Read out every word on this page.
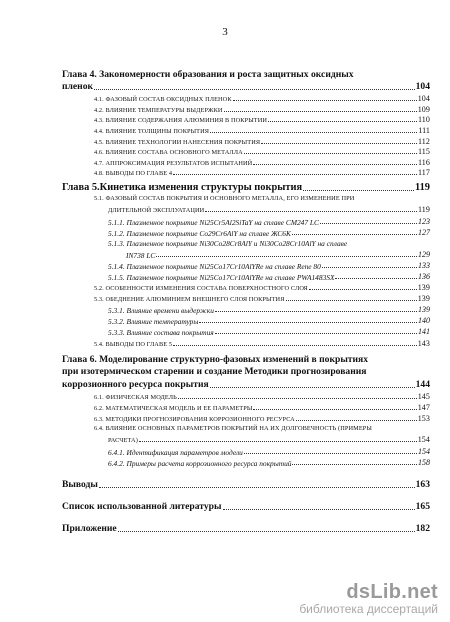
3
Глава 4. Закономерности образования и роста защитных оксидных
пленок	104
4.1. ФАЗОВЫЙ СОСТАВ ОКСИДНЫХ ПЛЕНОК	104
4.2. ВЛИЯНИЕ ТЕМПЕРАТУРЫ ВЫДЕРЖКИ	109
4.3. ВЛИЯНИЕ СОДЕРЖАНИЯ АЛЮМИНИЯ В ПОКРЫТИИ	110
4.4. ВЛИЯНИЕ ТОЛЩИНЫ ПОКРЫТИЯ	111
4.5. ВЛИЯНИЕ ТЕХНОЛОГИИ НАНЕСЕНИЯ ПОКРЫТИЯ	112
4.6. ВЛИЯНИЕ СОСТАВА ОСНОВНОГО МЕТАЛЛА	115
4.7. АППРОКСИМАЦИЯ РЕЗУЛЬТАТОВ ИСПЫТАНИЙ	116
4.8. ВЫВОДЫ ПО ГЛАВЕ 4	117
Глава 5.Кинетика изменения структуры покрытия	119
5.1. ФАЗОВЫЙ СОСТАВ ПОКРЫТИЯ И ОСНОВНОГО МЕТАЛЛА, ЕГО ИЗМЕНЕНИЕ ПРИ
ДЛИТЕЛЬНОЙ ЭКСПЛУАТАЦИИ	119
5.1.1. Плазменное покрытие Ni25Cr5Al2SiTaY на сплаве CM247 LC	123
5.1.2. Плазменное покрытие Co29Cr6AlY на сплаве ЖС6К	127
5.1.3. Плазменное покрытие Ni30Co28Cr8AlY и Ni30Co28Cr10AlY на сплаве
IN738 LC	129
5.1.4. Плазменное покрытие Ni25Co17Cr10AlYRe на сплаве Rene 80	133
5.1.5. Плазменное покрытие Ni25Co17Cr10AlYRe на сплаве PWA1483SX	136
5.2. ОСОБЕННОСТИ ИЗМЕНЕНИЯ СОСТАВА ПОВЕРХНОСТНОГО СЛОЯ	139
5.3. ОБЕДНЕНИЕ АЛЮМИНИЕМ ВНЕШНЕГО СЛОЯ ПОКРЫТИЯ	139
5.3.1. Влияние времени выдержки	139
5.3.2. Влияние температуры	140
5.3.3. Влияние состава покрытия	141
5.4. ВЫВОДЫ ПО ГЛАВЕ 5	143
Глава 6. Моделирование структурно-фазовых изменений в покрытиях
при изотермическом старении и создание Методики прогнозирования
коррозионного ресурса покрытия	144
6.1. ФИЗИЧЕСКАЯ МОДЕЛЬ	145
6.2. МАТЕМАТИЧЕСКАЯ МОДЕЛЬ И ЕЕ ПАРАМЕТРЫ	147
6.3. МЕТОДИКИ ПРОГНОЗИРОВАНИЯ КОРРОЗИОННОГО РЕСУРСА	153
6.4. ВЛИЯНИЕ ОСНОВНЫХ ПАРАМЕТРОВ ПОКРЫТИЙ НА ИХ ДОЛГОВЕЧНОСТЬ (ПРИМЕРЫ
РАСЧЕТА)	154
6.4.1. Идентификация параметров модели	154
6.4.2. Примеры расчета коррозионного ресурса покрытий	158
Выводы	163
Список использованной литературы	165
Приложение	182
dsLib.net
библиотека диссертаций
